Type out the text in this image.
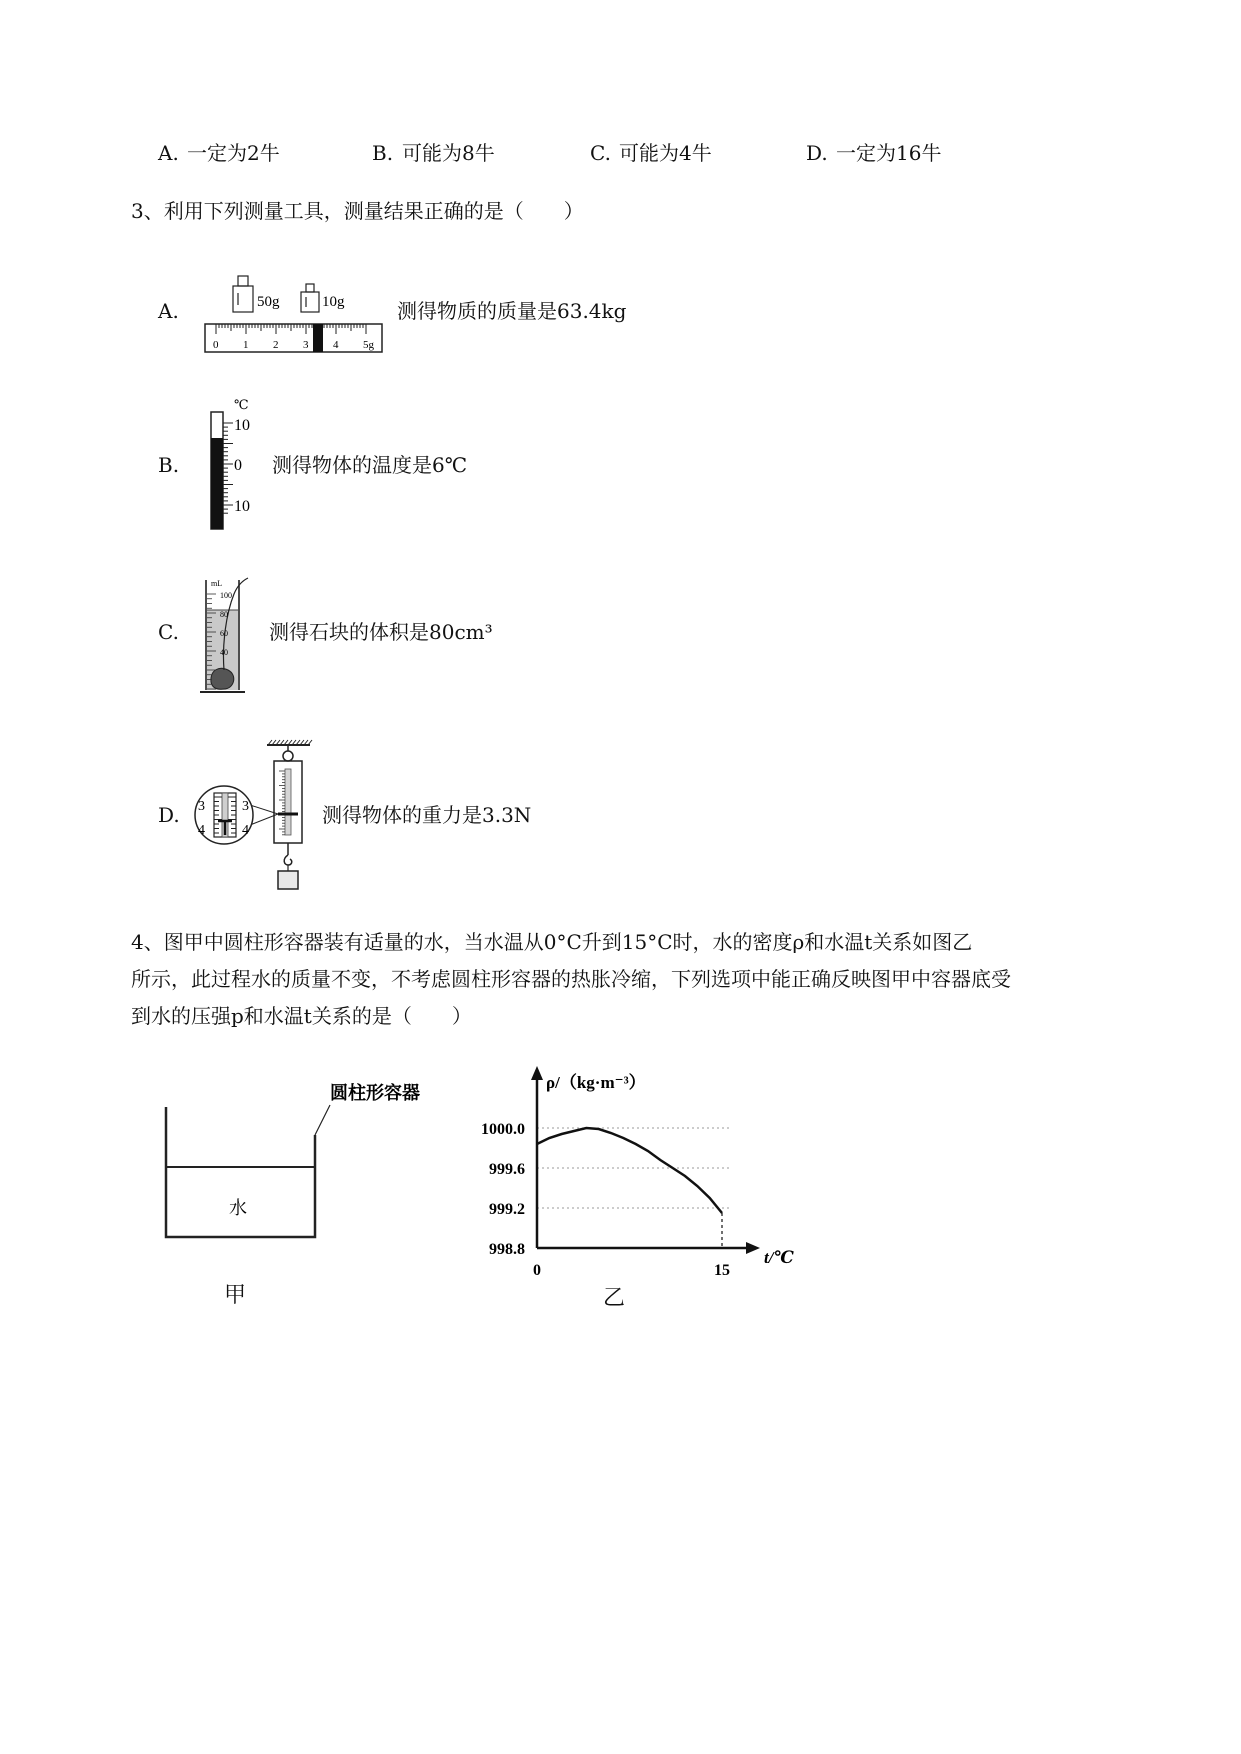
A. 一定为2牛	B. 可能为8牛	C. 可能为4牛	D. 一定为16牛
3、利用下列测量工具，测量结果正确的是（　　）
A.	50g	10g
0 1 2 3 4 5g
测得物质的质量是63.4kg
B.
℃
10
0
10
测得物体的温度是6℃
C.
mL
100
80
60
40
测得石块的体积是80cm³
D. 3
4
3
4
测得物体的重力是3.3N
4、图甲中圆柱形容器装有适量的水，当水温从0°C升到15°C时，水的密度ρ和水温t关系如图乙
所示，此过程水的质量不变，不考虑圆柱形容器的热胀冷缩，下列选项中能正确反映图甲中容器底受
到水的压强p和水温t关系的是（　　）
圆柱形容器
水
甲
ρ/（kg·m⁻³）
t/℃
1000.0
999.6
999.2
998.8
0	15
乙
